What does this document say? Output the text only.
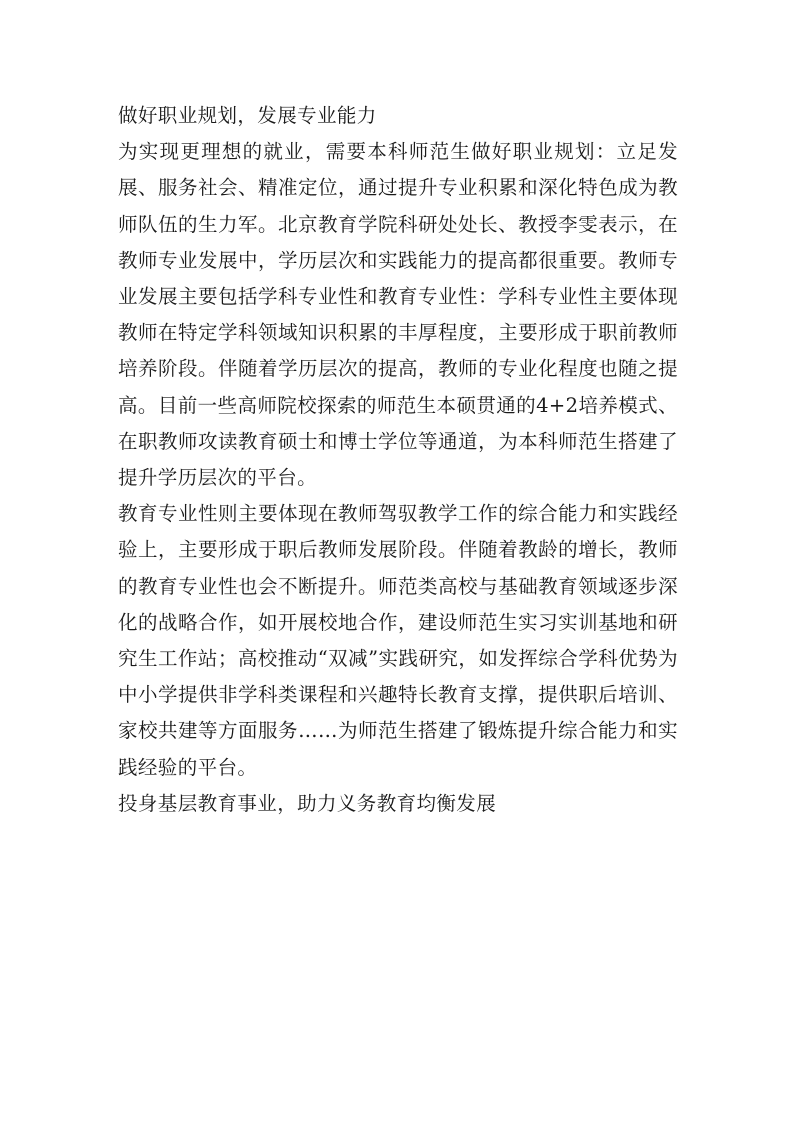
做好职业规划，发展专业能力

为实现更理想的就业，需要本科师范生做好职业规划：立足发展、服务社会、精准定位，通过提升专业积累和深化特色成为教师队伍的生力军。北京教育学院科研处处长、教授李雯表示，在教师专业发展中，学历层次和实践能力的提高都很重要。教师专业发展主要包括学科专业性和教育专业性：学科专业性主要体现教师在特定学科领域知识积累的丰厚程度，主要形成于职前教师培养阶段。伴随着学历层次的提高，教师的专业化程度也随之提高。目前一些高师院校探索的师范生本硕贯通的4+2培养模式、在职教师攻读教育硕士和博士学位等通道，为本科师范生搭建了提升学历层次的平台。

教育专业性则主要体现在教师驾驭教学工作的综合能力和实践经验上，主要形成于职后教师发展阶段。伴随着教龄的增长，教师的教育专业性也会不断提升。师范类高校与基础教育领域逐步深化的战略合作，如开展校地合作，建设师范生实习实训基地和研究生工作站；高校推动“双减”实践研究，如发挥综合学科优势为中小学提供非学科类课程和兴趣特长教育支撑，提供职后培训、家校共建等方面服务……为师范生搭建了锻炼提升综合能力和实践经验的平台。

投身基层教育事业，助力义务教育均衡发展
